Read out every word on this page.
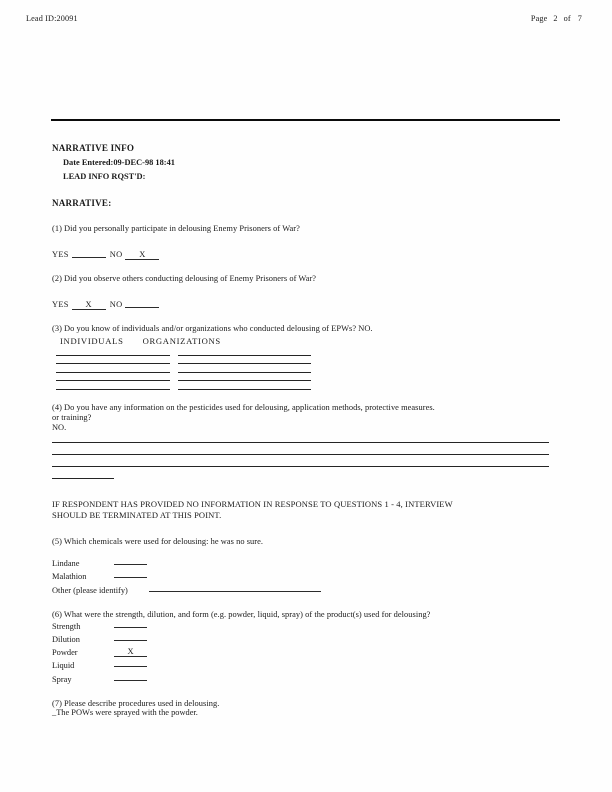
Lead ID:20091	Page 2 of 7
NARRATIVE INFO
Date Entered:09-DEC-98 18:41
LEAD INFO RQST'D:
NARRATIVE:
(1) Did you personally participate in delousing Enemy Prisoners of War?
YES	NO X
(2) Did you observe others conducting delousing of Enemy Prisoners of War?
YES X NO
(3) Do you know of individuals and/or organizations who conducted delousing of EPWs? NO.
INDIVIDUALS ORGANIZATIONS
(4) Do you have any information on the pesticides used for delousing, application methods, protective measures.
or training?
NO.
IF RESPONDENT HAS PROVIDED NO INFORMATION IN RESPONSE TO QUESTIONS 1 - 4, INTERVIEW
SHOULD BE TERMINATED AT THIS POINT.
(5) Which chemicals were used for delousing: he was no sure.
Lindane
Malathion
Other (please identify)
(6) What were the strength, dilution, and form (e.g. powder, liquid, spray) of the product(s) used for delousing?
Strength
Dilution
Powder	X
Liquid
Spray
(7) Please describe procedures used in delousing.
_The POWs were sprayed with the powder.
